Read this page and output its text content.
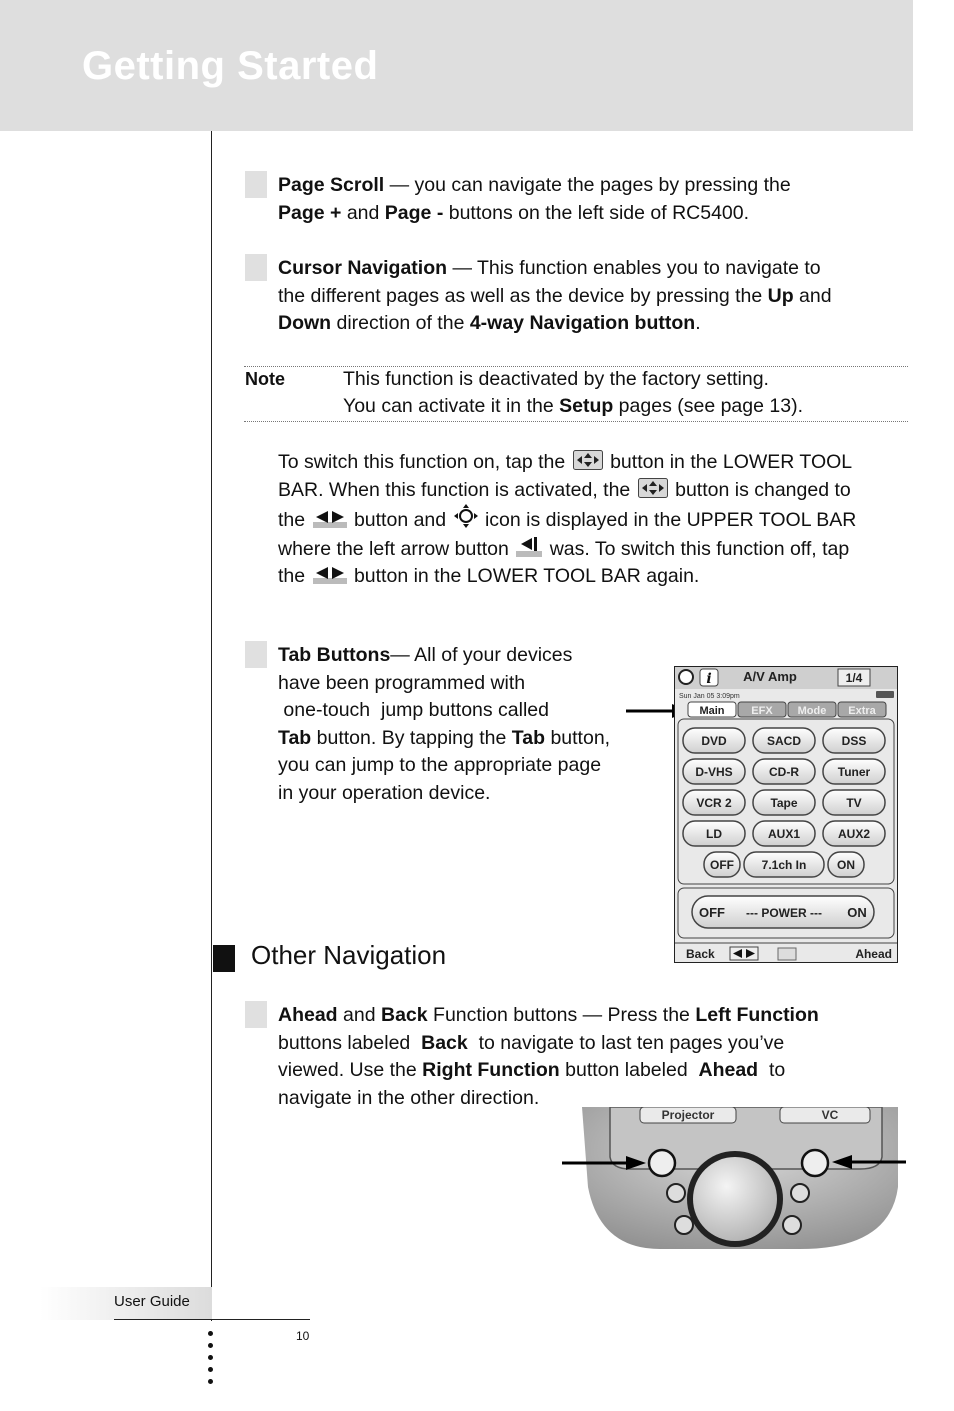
Getting Started
Page Scroll — you can navigate the pages by pressing the
Page + and Page - buttons on the left side of RC5400.
Cursor Navigation — This function enables you to navigate to
the different pages as well as the device by pressing the Up and
Down direction of the 4-way Navigation button.
Note	This function is deactivated by the factory setting.
You can activate it in the Setup pages (see page 13).
To switch this function on, tap the  button in the LOWER TOOL
BAR. When this function is activated, the  button is changed to
the  button and  icon is displayed in the UPPER TOOL BAR
where the left arrow button  was. To switch this function off, tap
the  button in the LOWER TOOL BAR again.
Tab Buttons— All of your devices
have been programmed with
one-touch  jump buttons called
Tab button. By tapping the Tab button,
you can jump to the appropriate page
in your operation device.
i A/V Amp	1/4
Sun Jan 05 3:09pm
Main EFX Mode Extra
DVD	SACD	DSS
D-VHS	CD-R	Tuner
VCR 2	Tape	TV
LD	AUX1	AUX2
OFF 7.1ch In	ON
OFF --- POWER --- ON
Back	Ahead
Other Navigation
Ahead and Back Function buttons — Press the Left Function
buttons labeled  Back  to navigate to last ten pages you’ve
viewed. Use the Right Function button labeled  Ahead  to
navigate in the other direction.
Projector	VC
User Guide
10
